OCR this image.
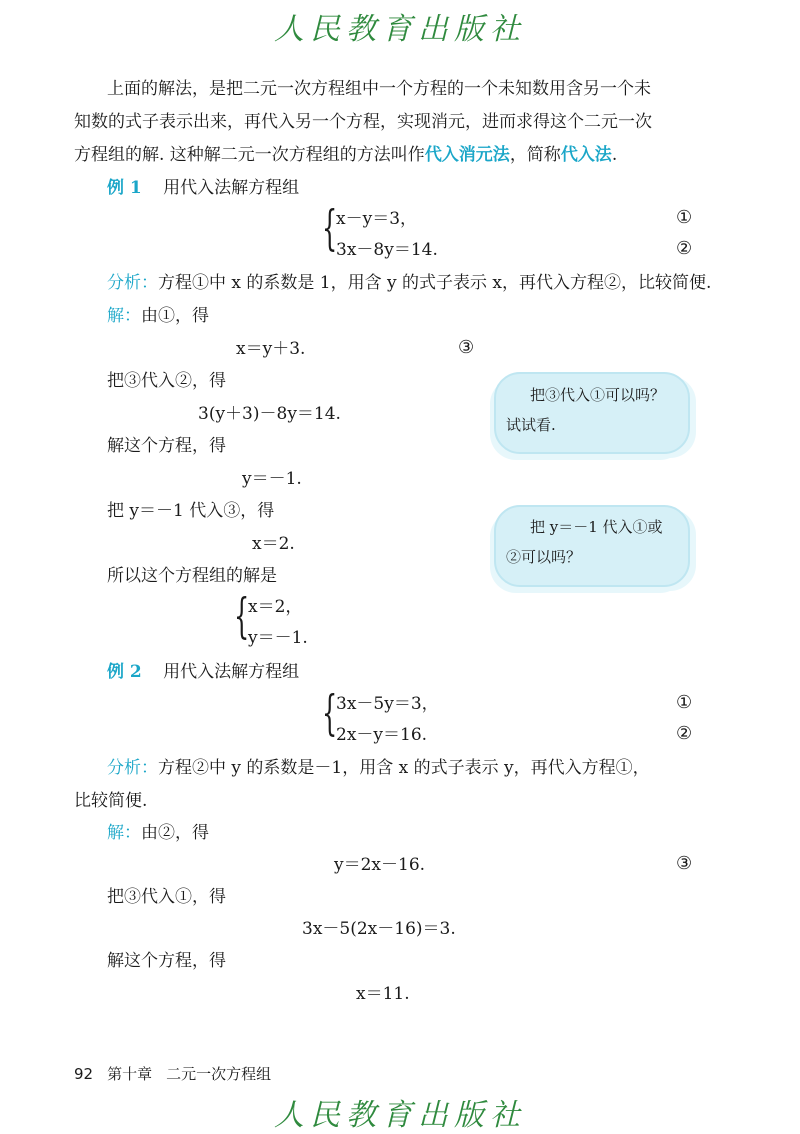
人民教育出版社
上面的解法，是把二元一次方程组中一个方程的一个未知数用含另一个未
知数的式子表示出来，再代入另一个方程，实现消元，进而求得这个二元一次
方程组的解. 这种解二元一次方程组的方法叫作代入消元法，简称代入法.
例 1 用代入法解方程组
{
x－y＝3，
3x－8y＝14.
①
②
分析：方程①中 x 的系数是 1，用含 y 的式子表示 x，再代入方程②，比较简便.
解：由①，得
x＝y＋3.	③
把③代入②，得
3(y＋3)－8y＝14.
解这个方程，得
y＝－1.
把 y＝－1 代入③，得
x＝2.
所以这个方程组的解是
{
x＝2，
y＝－1.
把③代入①可以吗？
试试看.
把 y＝－1 代入①或
②可以吗？
例 2 用代入法解方程组
{
3x－5y＝3，
2x－y＝16.
①
②
分析：方程②中 y 的系数是－1，用含 x 的式子表示 y，再代入方程①，
比较简便.
解：由②，得
y＝2x－16.	③
把③代入①，得
3x－5(2x－16)＝3.
解这个方程，得
x＝11.
92 第十章 二元一次方程组
人民教育出版社
